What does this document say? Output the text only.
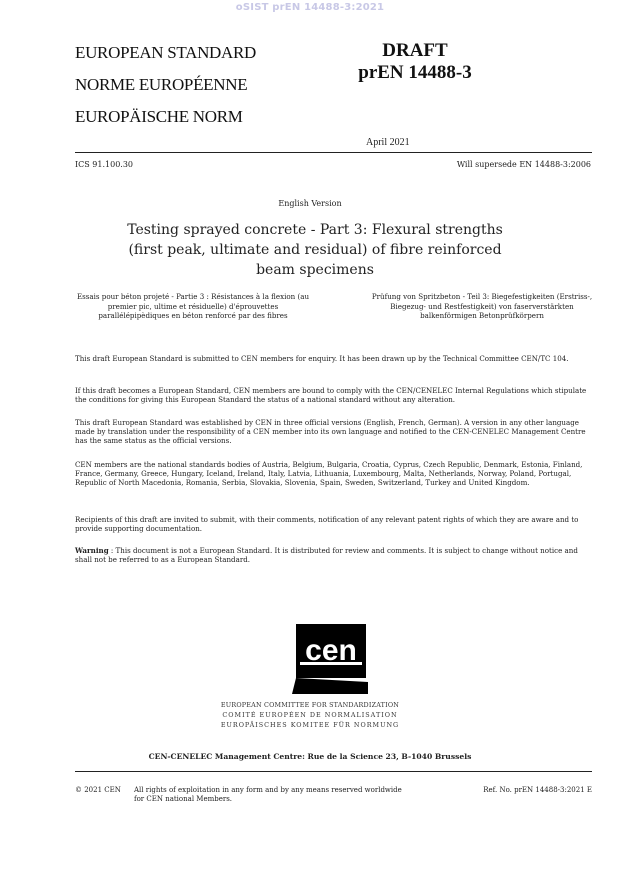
oSIST prEN 14488-3:2021
EUROPEAN STANDARD
NORME EUROPÉENNE
EUROPÄISCHE NORM
DRAFT
prEN 14488-3
April 2021
ICS 91.100.30	Will supersede EN 14488-3:2006
English Version
Testing sprayed concrete - Part 3: Flexural strengths (first peak, ultimate and residual) of fibre reinforced beam specimens
Essais pour béton projeté - Partie 3 : Résistances à la flexion (au premier pic, ultime et résiduelle) d'éprouvettes parallélépipèdiques en béton renforcé par des fibres
Prüfung von Spritzbeton - Teil 3: Biegefestigkeiten (Erstriss-, Biegezug- und Restfestigkeit) von faserverstärkten balkenförmigen Betonprüfkörpern

This draft European Standard is submitted to CEN members for enquiry. It has been drawn up by the Technical Committee CEN/TC 104.

If this draft becomes a European Standard, CEN members are bound to comply with the CEN/CENELEC Internal Regulations which stipulate the conditions for giving this European Standard the status of a national standard without any alteration.

This draft European Standard was established by CEN in three official versions (English, French, German). A version in any other language made by translation under the responsibility of a CEN member into its own language and notified to the CEN-CENELEC Management Centre has the same status as the official versions.

CEN members are the national standards bodies of Austria, Belgium, Bulgaria, Croatia, Cyprus, Czech Republic, Denmark, Estonia, Finland, France, Germany, Greece, Hungary, Iceland, Ireland, Italy, Latvia, Lithuania, Luxembourg, Malta, Netherlands, Norway, Poland, Portugal, Republic of North Macedonia, Romania, Serbia, Slovakia, Slovenia, Spain, Sweden, Switzerland, Turkey and United Kingdom.

Recipients of this draft are invited to submit, with their comments, notification of any relevant patent rights of which they are aware and to provide supporting documentation.

Warning : This document is not a European Standard. It is distributed for review and comments. It is subject to change without notice and shall not be referred to as a European Standard.

cen
EUROPEAN COMMITTEE FOR STANDARDIZATION
COMITÉ EUROPÉEN DE NORMALISATION
EUROPÄISCHES KOMITEE FÜR NORMUNG
CEN-CENELEC Management Centre: Rue de la Science 23, B-1040 Brussels
© 2021 CEN All rights of exploitation in any form and by any means reserved worldwide for CEN national Members.
Ref. No. prEN 14488-3:2021 E
